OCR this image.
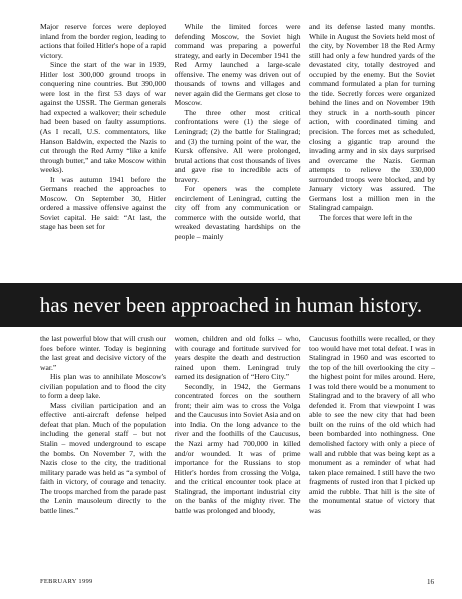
Major reserve forces were deployed inland from the border region, leading to actions that foiled Hitler's hope of a rapid victory.

Since the start of the war in 1939, Hitler lost 300,000 ground troops in conquering nine countries. But 390,000 were lost in the first 53 days of war against the USSR. The German generals had expected a walkover; their schedule had been based on faulty assumptions. (As I recall, U.S. commentators, like Hanson Baldwin, expected the Nazis to cut through the Red Army “like a knife through butter,” and take Moscow within weeks).

It was autumn 1941 before the Germans reached the approaches to Moscow. On September 30, Hitler ordered a massive offensive against the Soviet capital. He said: “At last, the stage has been set for

While the limited forces were defending Moscow, the Soviet high command was preparing a powerful strategy, and early in December 1941 the Red Army launched a large-scale offensive. The enemy was driven out of thousands of towns and villages and never again did the Germans get close to Moscow.

The three other most critical confrontations were (1) the siege of Leningrad; (2) the battle for Stalingrad; and (3) the turning point of the war, the Kursk offensive. All were prolonged, brutal actions that cost thousands of lives and gave rise to incredible acts of bravery.

For openers was the complete encirclement of Leningrad, cutting the city off from any communication or commerce with the outside world, that wreaked devastating hardships on the people – mainly

and its defense lasted many months. While in August the Soviets held most of the city, by November 18 the Red Army still had only a few hundred yards of the devastated city, totally destroyed and occupied by the enemy. But the Soviet command formulated a plan for turning the tide. Secretly forces were organized behind the lines and on November 19th they struck in a north-south pincer action, with coordinated timing and precision. The forces met as scheduled, closing a gigantic trap around the invading army and in six days surprised and overcame the Nazis. German attempts to relieve the 330,000 surrounded troops were blocked, and by January victory was assured. The Germans lost a million men in the Stalingrad campaign.

The forces that were left in the

has never been approached in human history.

the last powerful blow that will crush our foes before winter. Today is beginning the last great and decisive victory of the war.”

His plan was to annihilate Moscow's civilian population and to flood the city to form a deep lake.

Mass civilian participation and an effective anti-aircraft defense helped defeat that plan. Much of the population including the general staff – but not Stalin – moved underground to escape the bombs. On November 7, with the Nazis close to the city, the traditional military parade was held as “a symbol of faith in victory, of courage and tenacity. The troops marched from the parade past the Lenin mausoleum directly to the battle lines.”

women, children and old folks – who, with courage and fortitude survived for years despite the death and destruction rained upon them. Leningrad truly earned its designation of “Hero City.”

Secondly, in 1942, the Germans concentrated forces on the southern front; their aim was to cross the Volga and the Caucusus into Soviet Asia and on into India. On the long advance to the river and the foothills of the Caucusus, the Nazi army had 700,000 in killed and/or wounded. It was of prime importance for the Russians to stop Hitler's hordes from crossing the Volga, and the critical encounter took place at Stalingrad, the important industrial city on the banks of the mighty river. The battle was prolonged and bloody,

Caucusus foothills were recalled, or they too would have met total defeat. I was in Stalingrad in 1960 and was escorted to the top of the hill overlooking the city – the highest point for miles around. Here, I was told there would be a monument to Stalingrad and to the bravery of all who defended it. From that viewpoint I was able to see the new city that had been built on the ruins of the old which had been bombarded into nothingness. One demolished factory with only a piece of wall and rubble that was being kept as a monument as a reminder of what had taken place remained. I still have the two fragments of rusted iron that I picked up amid the rubble. That hill is the site of the monumental statue of victory that was

FEBRUARY 1999	16
